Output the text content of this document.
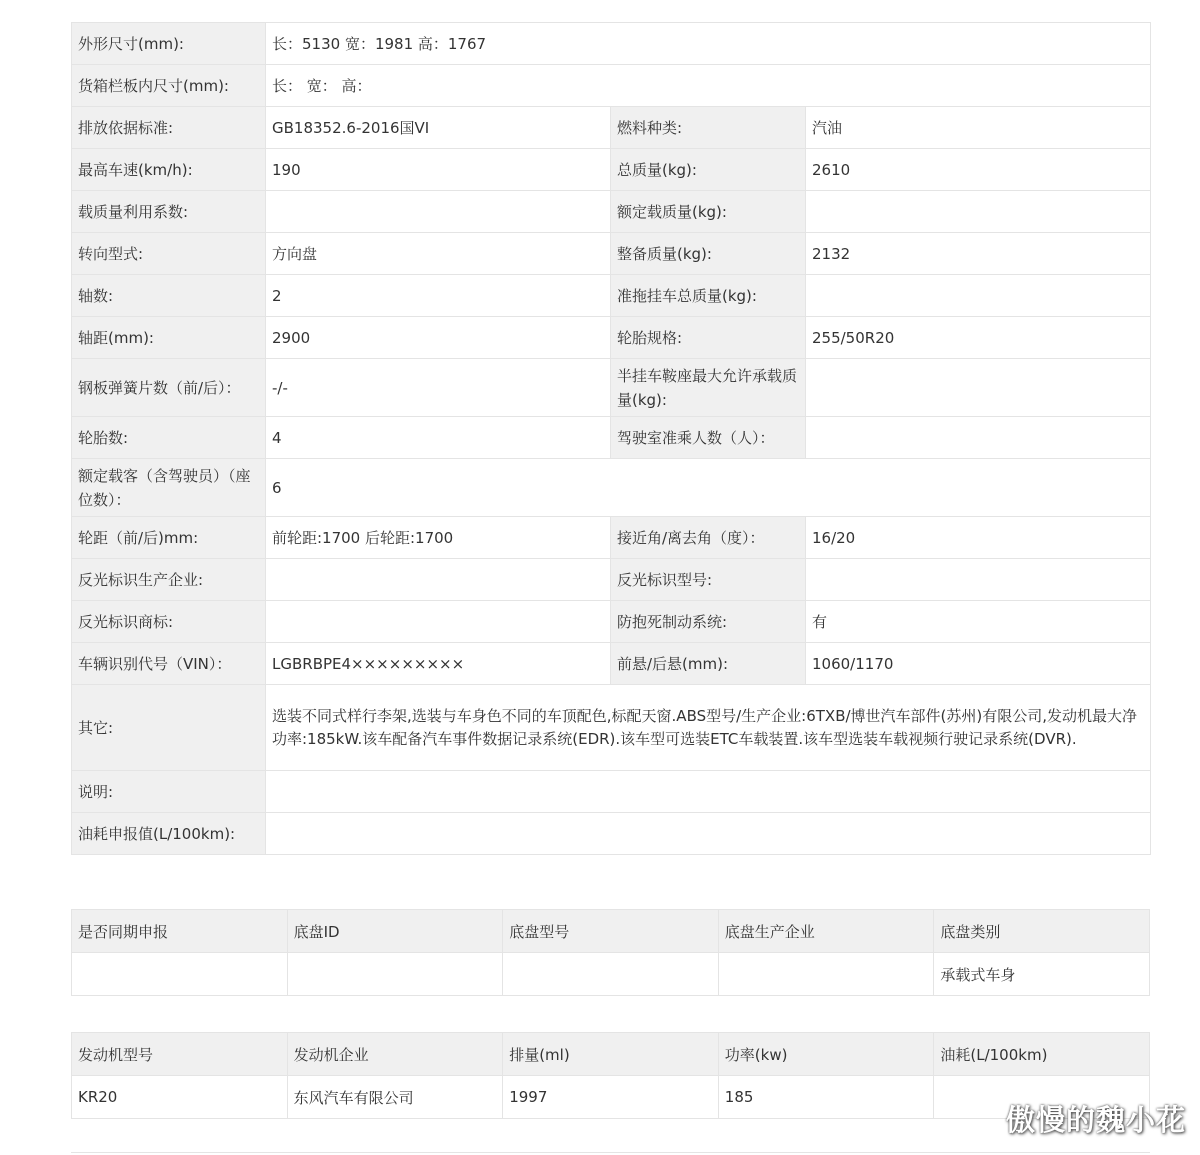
外形尺寸(mm):	长：5130 宽：1981 高：1767		
货箱栏板内尺寸(mm):	长： 宽： 高：		
排放依据标准:	GB18352.6-2016国VI	燃料种类:	汽油
最高车速(km/h):	190	总质量(kg):	2610
载质量利用系数:		额定载质量(kg):	
转向型式:	方向盘	整备质量(kg):	2132
轴数:	2	准拖挂车总质量(kg):	
轴距(mm):	2900	轮胎规格:	255/50R20
钢板弹簧片数（前/后）：	-/-	半挂车鞍座最大允许承载质量(kg):	
轮胎数:	4	驾驶室准乘人数（人）：	
额定载客（含驾驶员）（座位数）：	6		
轮距（前/后)mm:	前轮距:1700 后轮距:1700	接近角/离去角（度）：	16/20
反光标识生产企业:		反光标识型号:	
反光标识商标:		防抱死制动系统:	有
车辆识别代号（VIN）：	LGBRBPE4×××××××××	前悬/后悬(mm):	1060/1170
其它:	选装不同式样行李架,选装与车身色不同的车顶配色,标配天窗.ABS型号/生产企业:6TXB/博世汽车部件(苏州)有限公司,发动机最大净功率:185kW.该车配备汽车事件数据记录系统(EDR).该车型可选装ETC车载装置.该车型选装车载视频行驶记录系统(DVR).		
说明:			
油耗申报值(L/100km):			
是否同期申报	底盘ID	底盘型号	底盘生产企业	底盘类别
				承载式车身
发动机型号	发动机企业	排量(ml)	功率(kw)	油耗(L/100km)
KR20	东风汽车有限公司	1997	185	
傲慢的魏小花
